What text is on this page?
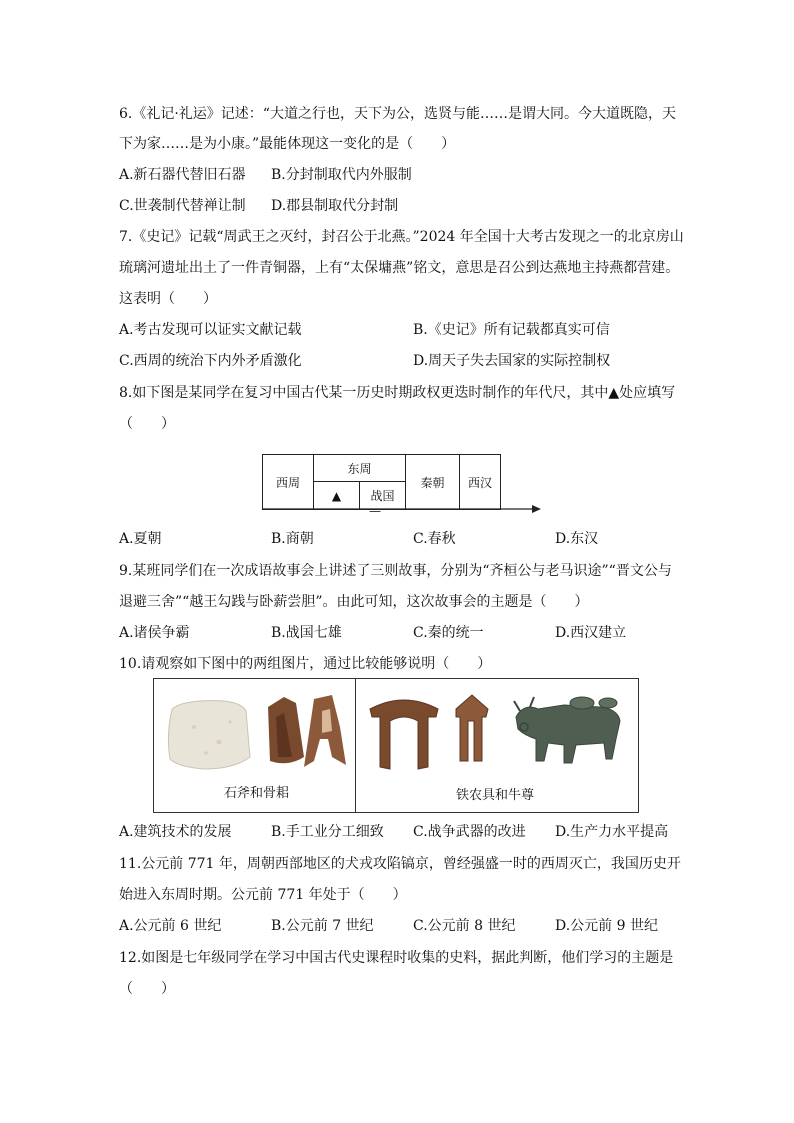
6.《礼记·礼运》记述：“大道之行也，天下为公，选贤与能……是谓大同。今大道既隐，天
下为家……是为小康。”最能体现这一变化的是（　　）
A.新石器代替旧石器 B.分封制取代内外服制
C.世袭制代替禅让制 D.郡县制取代分封制
7.《史记》记载“周武王之灭纣，封召公于北燕。”2024 年全国十大考古发现之一的北京房山
琉璃河遗址出土了一件青铜器，上有“太保墉燕”铭文，意思是召公到达燕地主持燕都营建。
这表明（　　）
A.考古发现可以证实文献记载	B.《史记》所有记载都真实可信
C.西周的统治下内外矛盾激化	D.周天子失去国家的实际控制权
8.如下图是某同学在复习中国古代某一历史时期政权更迭时制作的年代尺，其中▲处应填写
（　　）
西周
东周
▲	战国
秦朝	西汉
—
A.夏朝	B.商朝	C.春秋	D.东汉
9.某班同学们在一次成语故事会上讲述了三则故事，分别为“齐桓公与老马识途”“晋文公与
退避三舍”“越王勾践与卧薪尝胆”。由此可知，这次故事会的主题是（　　）
A.诸侯争霸	B.战国七雄	C.秦的统一	D.西汉建立
10.请观察如下图中的两组图片，通过比较能够说明（　　）
石斧和骨耜	铁农具和牛尊
A.建筑技术的发展	B.手工业分工细致 C.战争武器的改进 D.生产力水平提高
11.公元前 771 年，周朝西部地区的犬戎攻陷镐京，曾经强盛一时的西周灭亡，我国历史开
始进入东周时期。公元前 771 年处于（　　）
A.公元前 6 世纪	B.公元前 7 世纪	C.公元前 8 世纪	D.公元前 9 世纪
12.如图是七年级同学在学习中国古代史课程时收集的史料，据此判断，他们学习的主题是
（　　）
